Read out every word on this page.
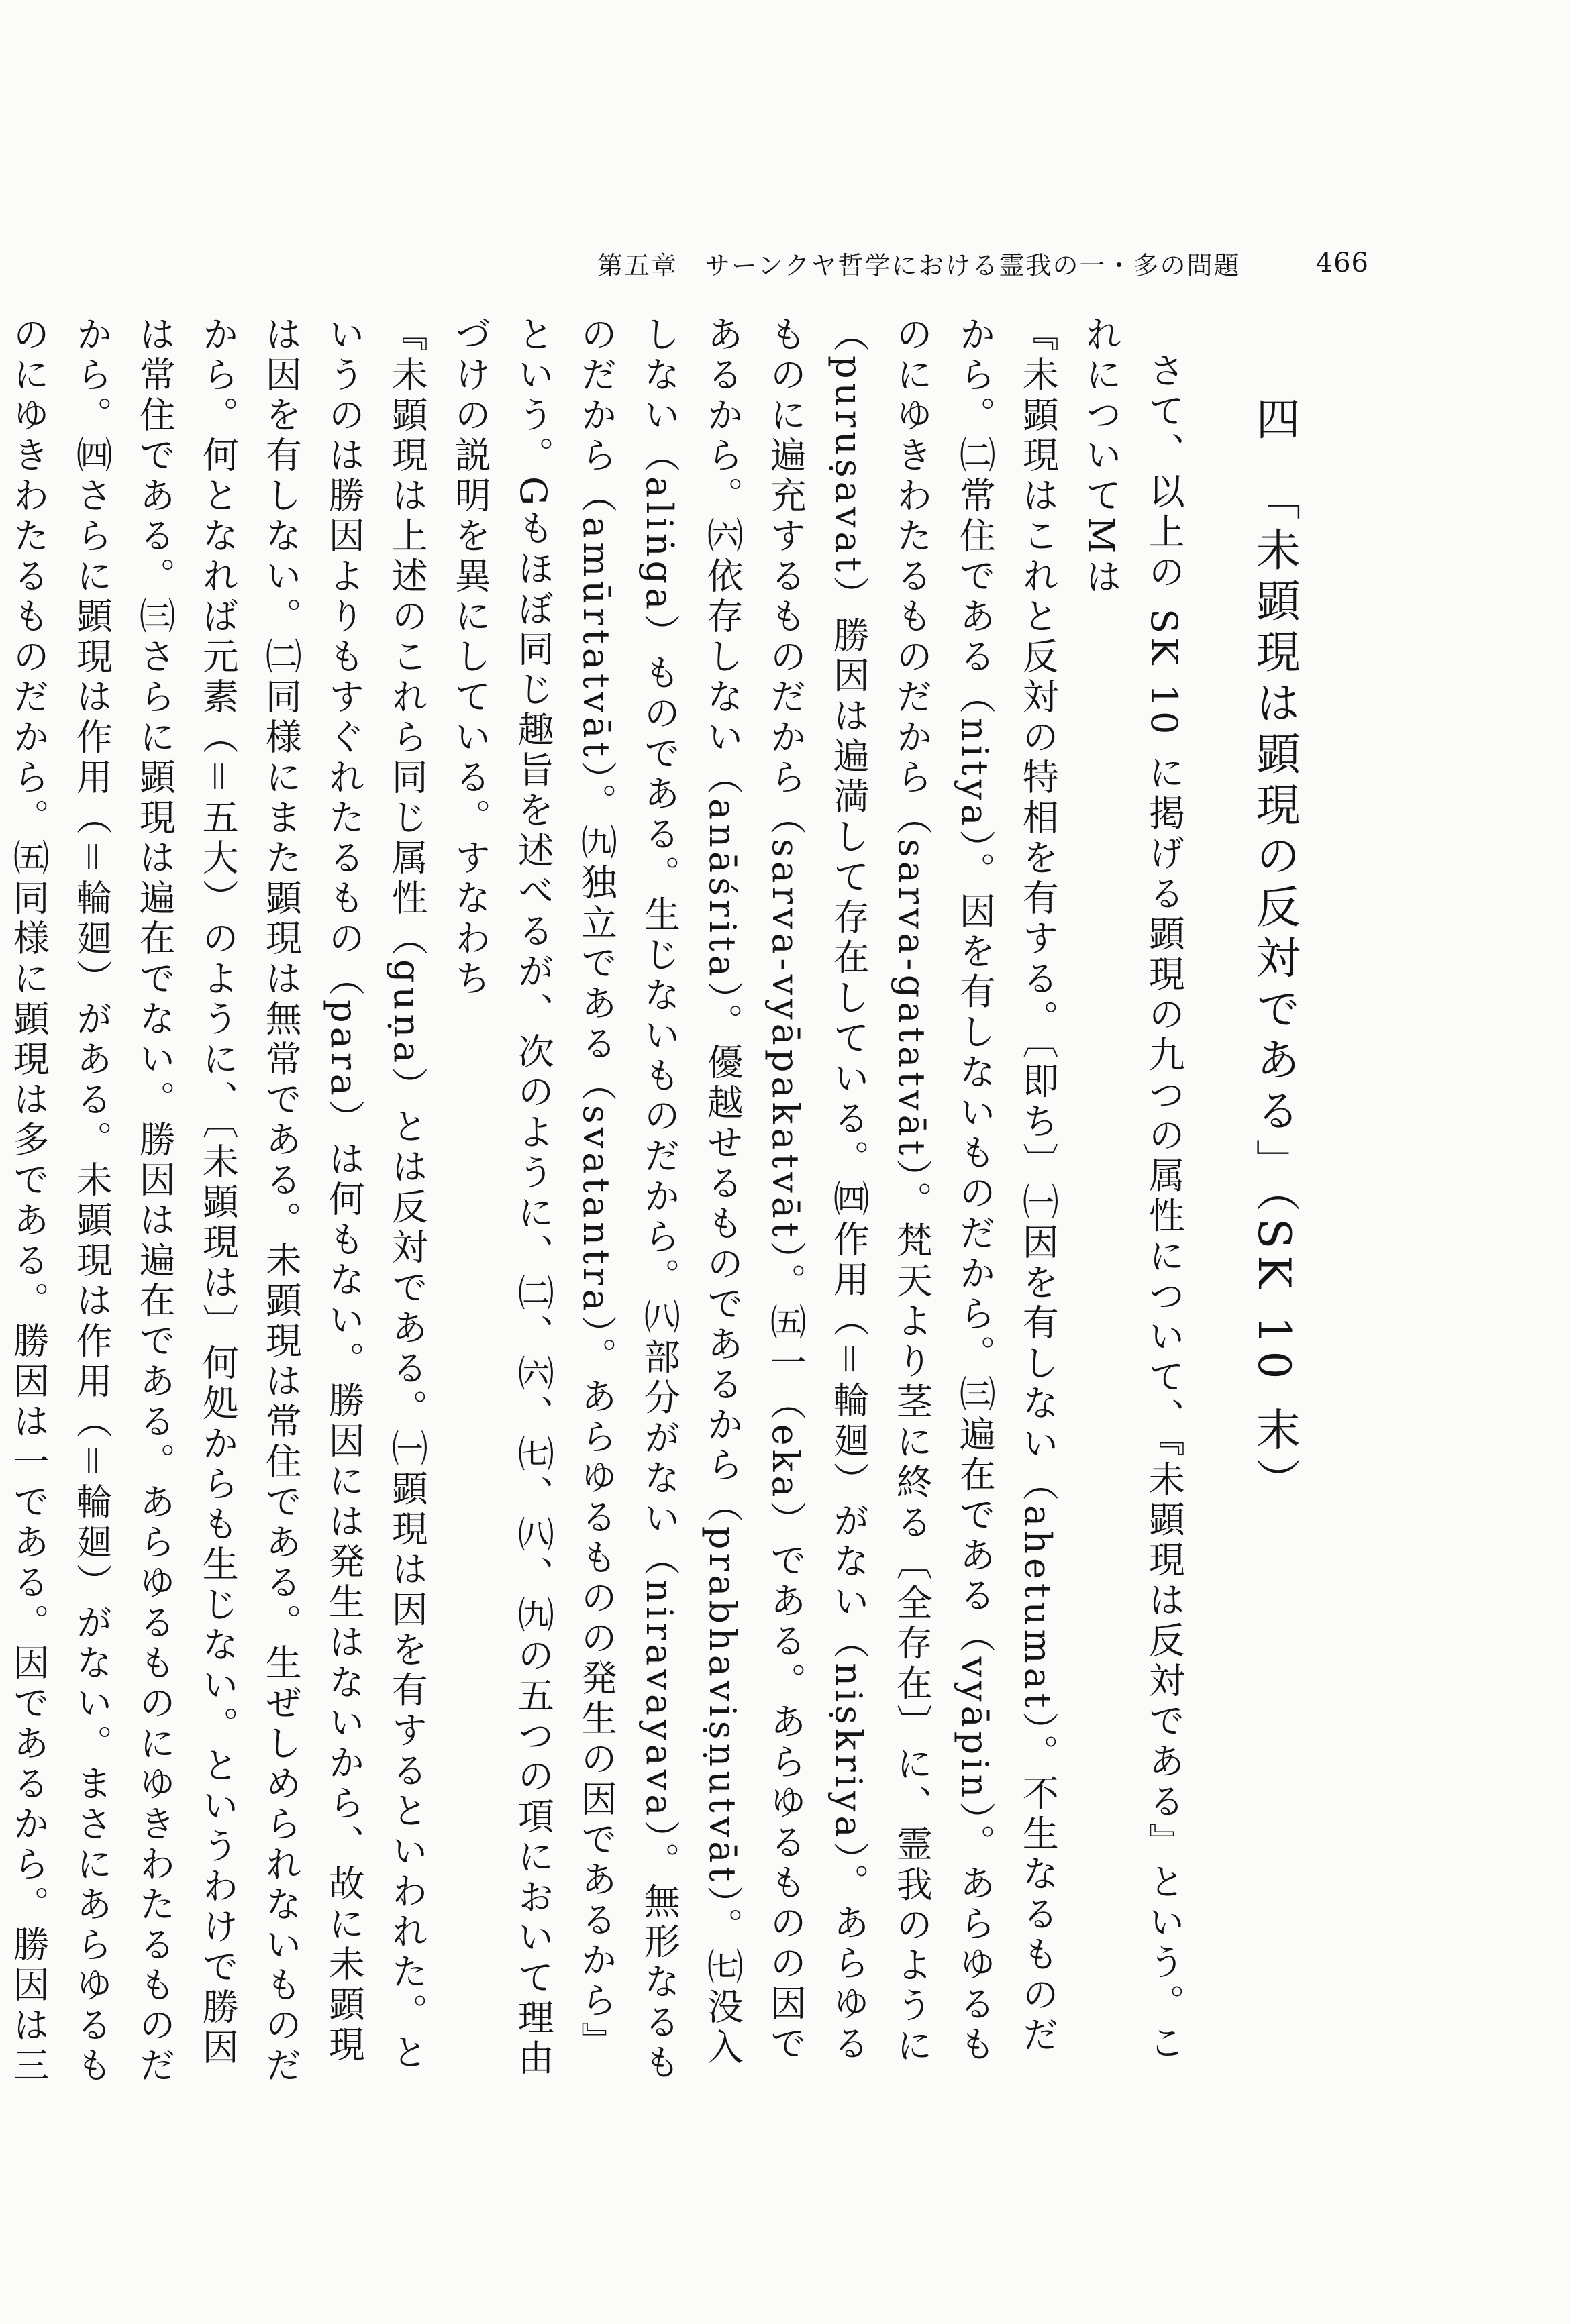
第五章　サーンクヤ哲学における霊我の一・多の問題	466
四　「未顕現は顕現の反対である」（SK 10 末）

さて、以上の SK 10 に掲げる顕現の九つの属性について、『未顕現は反対である』という。これについてMは

『未顕現はこれと反対の特相を有する。〔即ち〕㈠因を有しない（ahetumat）。不生なるものだから。㈡常住である（nitya）。因を有しないものだから。㈢遍在である（vyāpin）。あらゆるものにゆきわたるものだから（sarva-gatatvāt）。梵天より茎に終る〔全存在〕に、霊我のように（puruṣavat）勝因は遍満して存在している。㈣作用（＝輪廻）がない（niṣkriya）。あらゆるものに遍充するものだから（sarva-vyāpakatvāt）。㈤一（eka）である。あらゆるものの因であるから。㈥依存しない（anāśrita）。優越せるものであるから（prabhaviṣṇutvāt）。㈦没入しない（aliṅga）ものである。生じないものだから。㈧部分がない（niravayava）。無形なるものだから（amūrtatvāt）。㈨独立である（svatantra）。あらゆるものの発生の因であるから』

という。Gもほぼ同じ趣旨を述べるが、次のように、㈡、㈥、㈦、㈧、㈨の五つの項において理由づけの説明を異にしている。すなわち

『未顕現は上述のこれら同じ属性（guṇa）とは反対である。㈠顕現は因を有するといわれた。というのは勝因よりもすぐれたるもの（para）は何もない。勝因には発生はないから、故に未顕現は因を有しない。㈡同様にまた顕現は無常である。未顕現は常住である。生ぜしめられないものだから。何となれば元素（＝五大）のように、〔未顕現は〕何処からも生じない。というわけで勝因は常住である。㈢さらに顕現は遍在でない。勝因は遍在である。あらゆるものにゆきわたるものだから。㈣さらに顕現は作用（＝輪廻）がある。未顕現は作用（＝輪廻）がない。まさにあらゆるものにゆきわたるものだから。㈤同様に顕現は多である。勝因は一である。因であるから。勝因は三
